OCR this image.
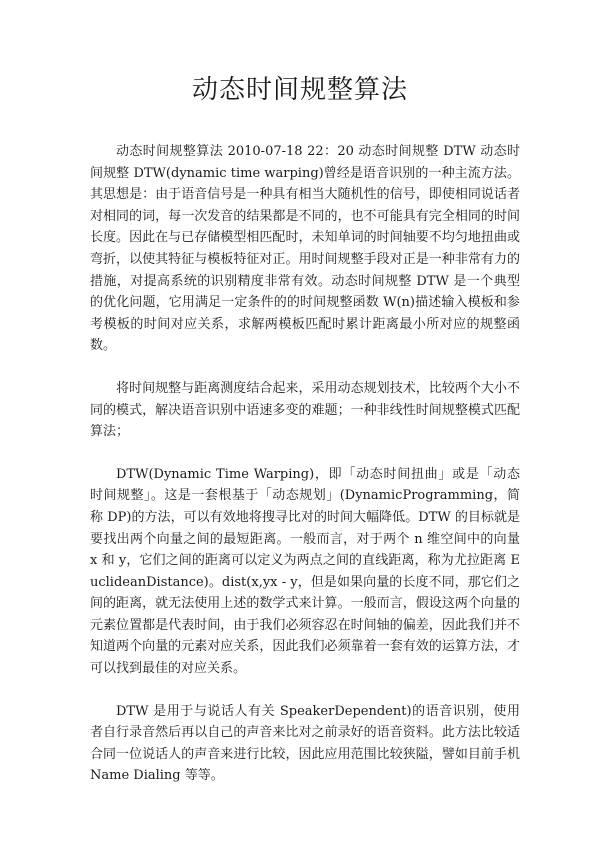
动态时间规整算法

动态时间规整算法 2010-07-18 22：20 动态时间规整 DTW 动态时间规整 DTW(dynamic time warping)曾经是语音识别的一种主流方法。其思想是：由于语音信号是一种具有相当大随机性的信号，即使相同说话者对相同的词，每一次发音的结果都是不同的，也不可能具有完全相同的时间长度。因此在与已存储模型相匹配时，未知单词的时间轴要不均匀地扭曲或弯折，以使其特征与模板特征对正。用时间规整手段对正是一种非常有力的措施，对提高系统的识别精度非常有效。动态时间规整 DTW 是一个典型的优化问题，它用满足一定条件的的时间规整函数 W(n)描述输入模板和参考模板的时间对应关系，求解两模板匹配时累计距离最小所对应的规整函数。

将时间规整与距离测度结合起来，采用动态规划技术，比较两个大小不同的模式，解决语音识别中语速多变的难题；一种非线性时间规整模式匹配算法；

DTW(Dynamic Time Warping)，即「动态时间扭曲」或是「动态时间规整」。这是一套根基于「动态规划」(DynamicProgramming，简称 DP)的方法，可以有效地将搜寻比对的时间大幅降低。DTW 的目标就是要找出两个向量之间的最短距离。一般而言，对于两个 n 维空间中的向量 x 和 y，它们之间的距离可以定义为两点之间的直线距离，称为尤拉距离 EuclideanDistance)。dist(x,yx - y，但是如果向量的长度不同，那它们之间的距离，就无法使用上述的数学式来计算。一般而言，假设这两个向量的元素位置都是代表时间，由于我们必须容忍在时间轴的偏差，因此我们并不知道两个向量的元素对应关系，因此我们必须靠着一套有效的运算方法，才可以找到最佳的对应关系。

DTW 是用于与说话人有关 SpeakerDependent)的语音识别，使用者自行录音然后再以自己的声音来比对之前录好的语音资料。此方法比较适合同一位说话人的声音来进行比较，因此应用范围比较狭隘，譬如目前手机 Name Dialing 等等。
